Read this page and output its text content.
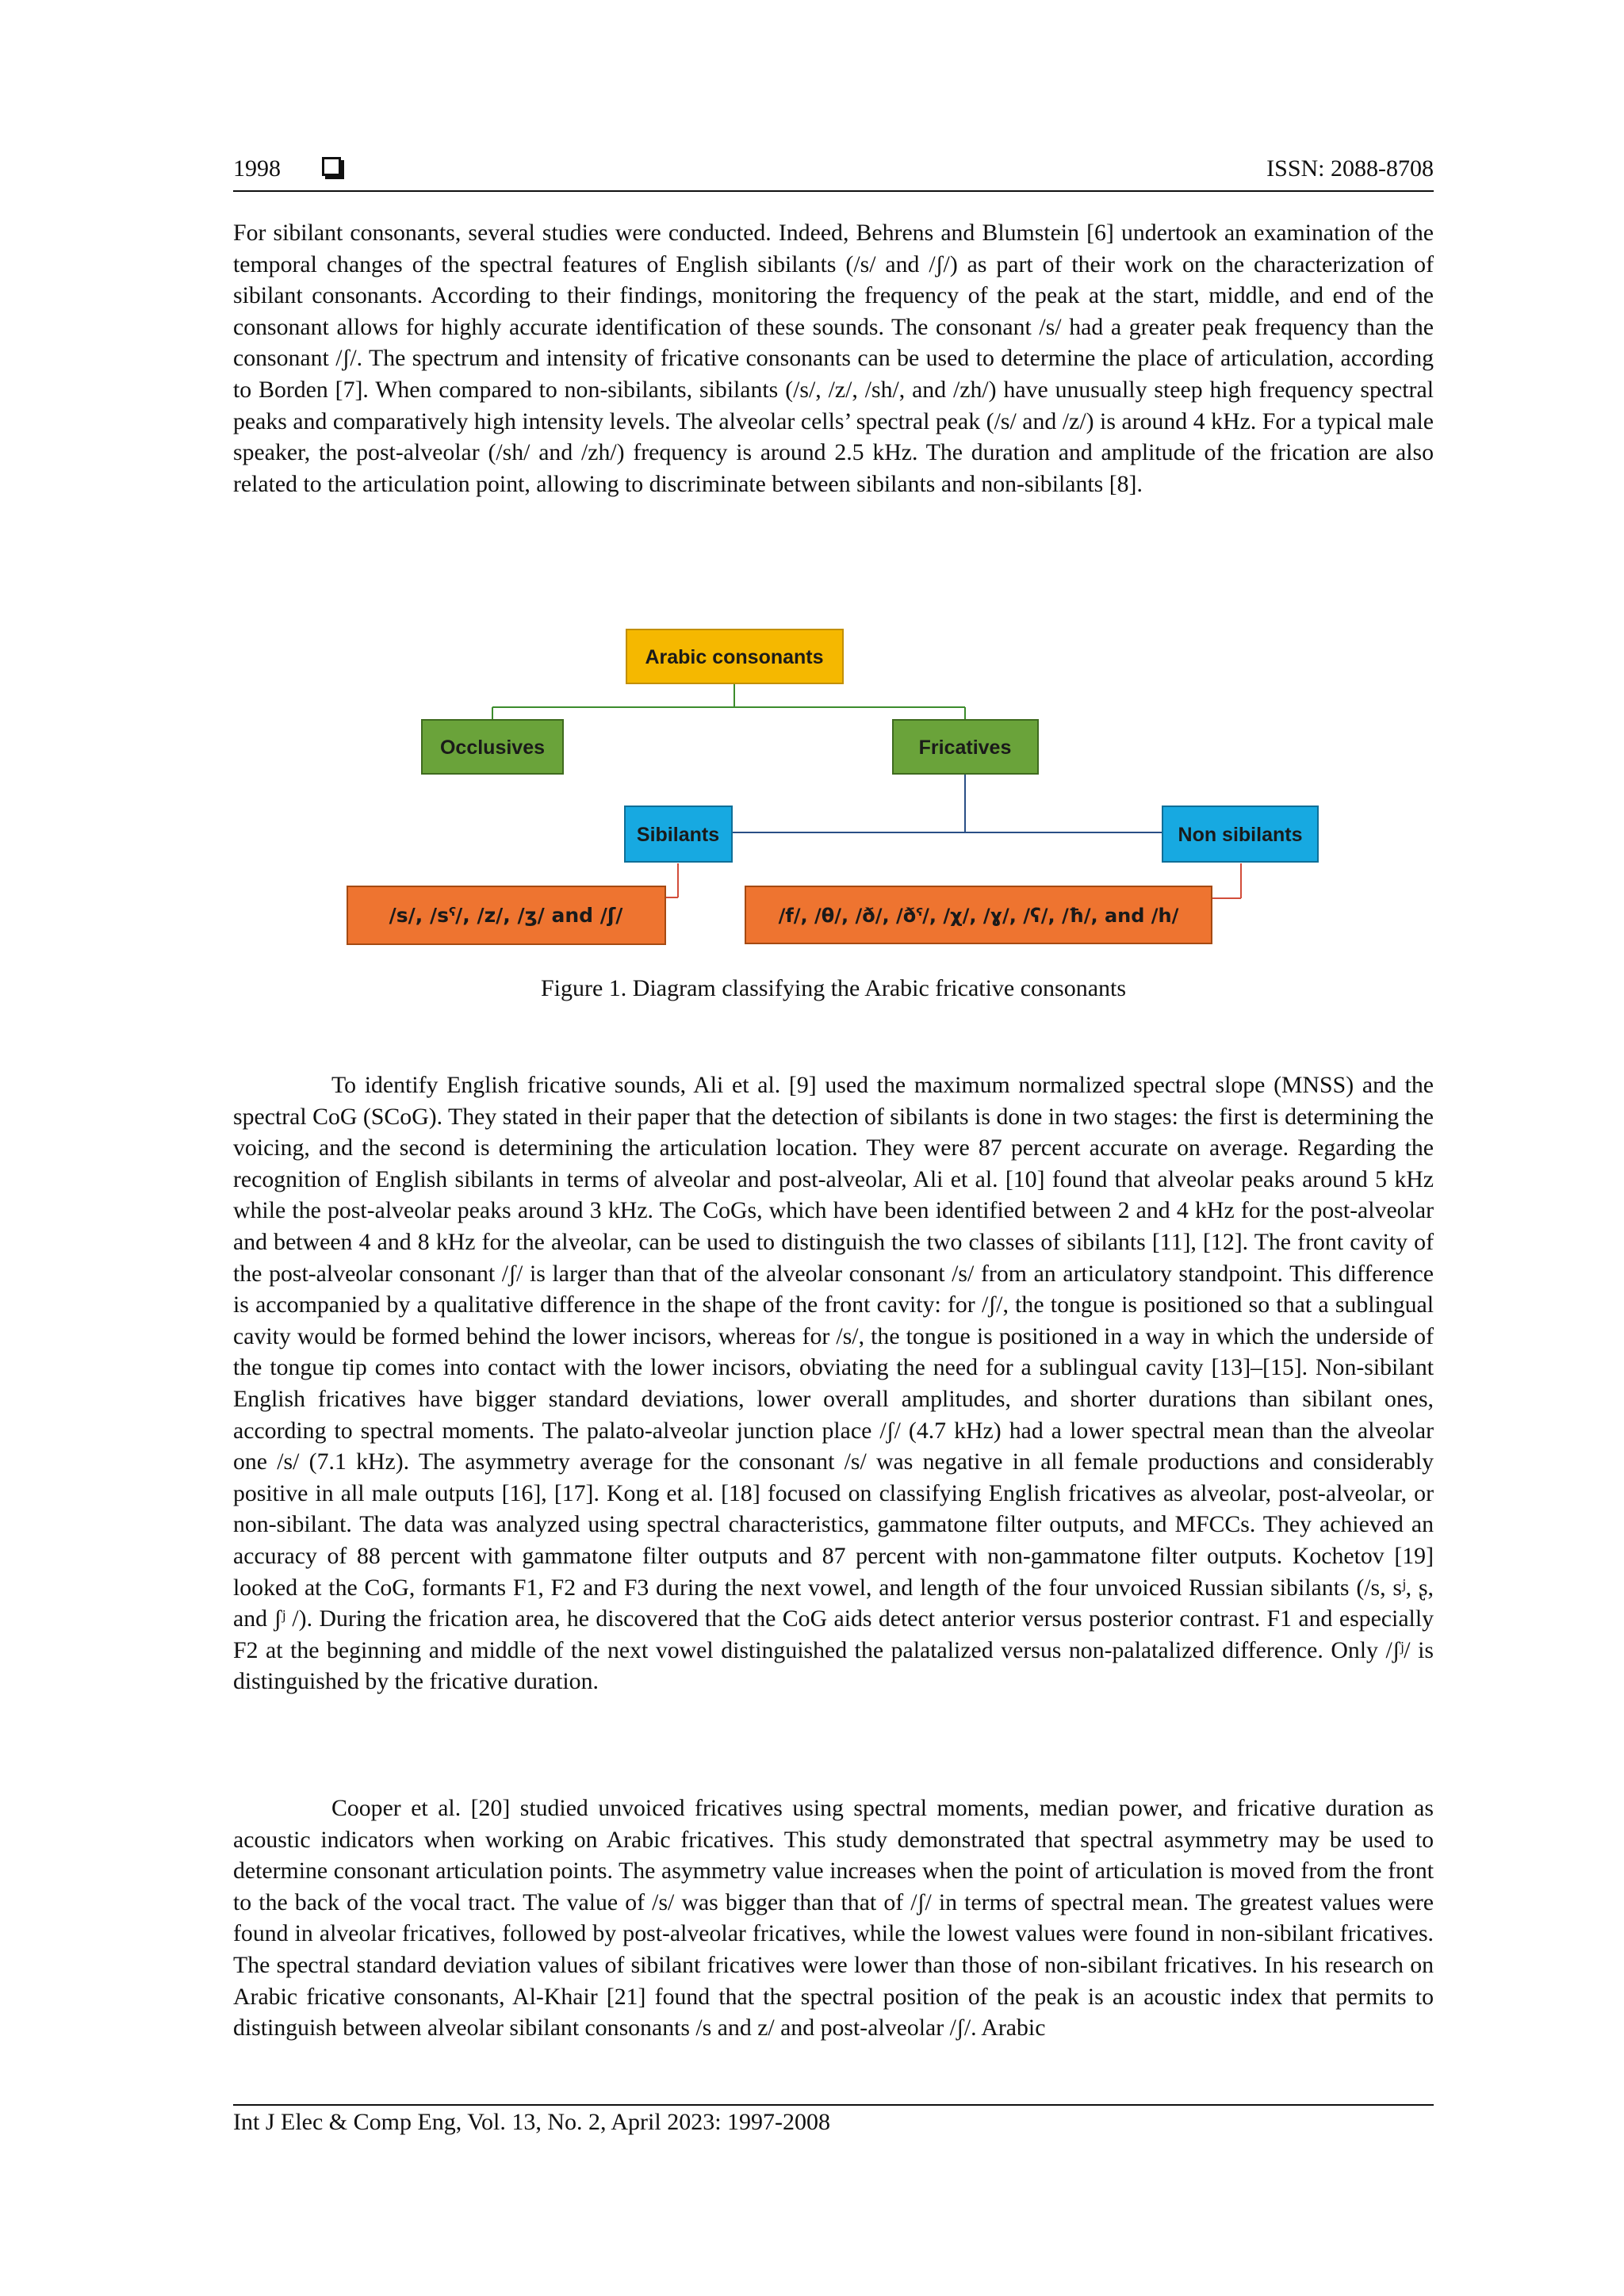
1998	ISSN: 2088-8708

For sibilant consonants, several studies were conducted. Indeed, Behrens and Blumstein [6] undertook an examination of the temporal changes of the spectral features of English sibilants (/s/ and /ʃ/) as part of their work on the characterization of sibilant consonants. According to their findings, monitoring the frequency of the peak at the start, middle, and end of the consonant allows for highly accurate identification of these sounds. The consonant /s/ had a greater peak frequency than the consonant /ʃ/. The spectrum and intensity of fricative consonants can be used to determine the place of articulation, according to Borden [7]. When compared to non-sibilants, sibilants (/s/, /z/, /sh/, and /zh/) have unusually steep high frequency spectral peaks and comparatively high intensity levels. The alveolar cells’ spectral peak (/s/ and /z/) is around 4 kHz. For a typical male speaker, the post-alveolar (/sh/ and /zh/) frequency is around 2.5 kHz. The duration and amplitude of the frication are also related to the articulation point, allowing to discriminate between sibilants and non-sibilants [8].

Arabic consonants
Occlusives	Fricatives
Sibilants	Non sibilants
/s/, /sˤ/, /z/, /ʒ/ and /ʃ/	/f/, /θ/, /ð/, /ðˤ/, /χ/, /ɣ/, /ʕ/, /ħ/, and /h/
Figure 1. Diagram classifying the Arabic fricative consonants

To identify English fricative sounds, Ali et al. [9] used the maximum normalized spectral slope (MNSS) and the spectral CoG (SCoG). They stated in their paper that the detection of sibilants is done in two stages: the first is determining the voicing, and the second is determining the articulation location. They were 87 percent accurate on average. Regarding the recognition of English sibilants in terms of alveolar and post-alveolar, Ali et al. [10] found that alveolar peaks around 5 kHz while the post-alveolar peaks around 3 kHz. The CoGs, which have been identified between 2 and 4 kHz for the post-alveolar and between 4 and 8 kHz for the alveolar, can be used to distinguish the two classes of sibilants [11], [12]. The front cavity of the post-alveolar consonant /ʃ/ is larger than that of the alveolar consonant /s/ from an articulatory standpoint. This difference is accompanied by a qualitative difference in the shape of the front cavity: for /ʃ/, the tongue is positioned so that a sublingual cavity would be formed behind the lower incisors, whereas for /s/, the tongue is positioned in a way in which the underside of the tongue tip comes into contact with the lower incisors, obviating the need for a sublingual cavity [13]–[15]. Non-sibilant English fricatives have bigger standard deviations, lower overall amplitudes, and shorter durations than sibilant ones, according to spectral moments. The palato-alveolar junction place /ʃ/ (4.7 kHz) had a lower spectral mean than the alveolar one /s/ (7.1 kHz). The asymmetry average for the consonant /s/ was negative in all female productions and considerably positive in all male outputs [16], [17]. Kong et al. [18] focused on classifying English fricatives as alveolar, post-alveolar, or non-sibilant. The data was analyzed using spectral characteristics, gammatone filter outputs, and MFCCs. They achieved an accuracy of 88 percent with gammatone filter outputs and 87 percent with non-gammatone filter outputs. Kochetov [19] looked at the CoG, formants F1, F2 and F3 during the next vowel, and length of the four unvoiced Russian sibilants (/s, sʲ, ʂ, and ʃʲ /). During the frication area, he discovered that the CoG aids detect anterior versus posterior contrast. F1 and especially F2 at the beginning and middle of the next vowel distinguished the palatalized versus non-palatalized difference. Only /ʃʲ/ is distinguished by the fricative duration.

Cooper et al. [20] studied unvoiced fricatives using spectral moments, median power, and fricative duration as acoustic indicators when working on Arabic fricatives. This study demonstrated that spectral asymmetry may be used to determine consonant articulation points. The asymmetry value increases when the point of articulation is moved from the front to the back of the vocal tract. The value of /s/ was bigger than that of /ʃ/ in terms of spectral mean. The greatest values were found in alveolar fricatives, followed by post-alveolar fricatives, while the lowest values were found in non-sibilant fricatives. The spectral standard deviation values of sibilant fricatives were lower than those of non-sibilant fricatives. In his research on Arabic fricative consonants, Al-Khair [21] found that the spectral position of the peak is an acoustic index that permits to distinguish between alveolar sibilant consonants /s and z/ and post-alveolar /ʃ/. Arabic

Int J Elec & Comp Eng, Vol. 13, No. 2, April 2023: 1997-2008
